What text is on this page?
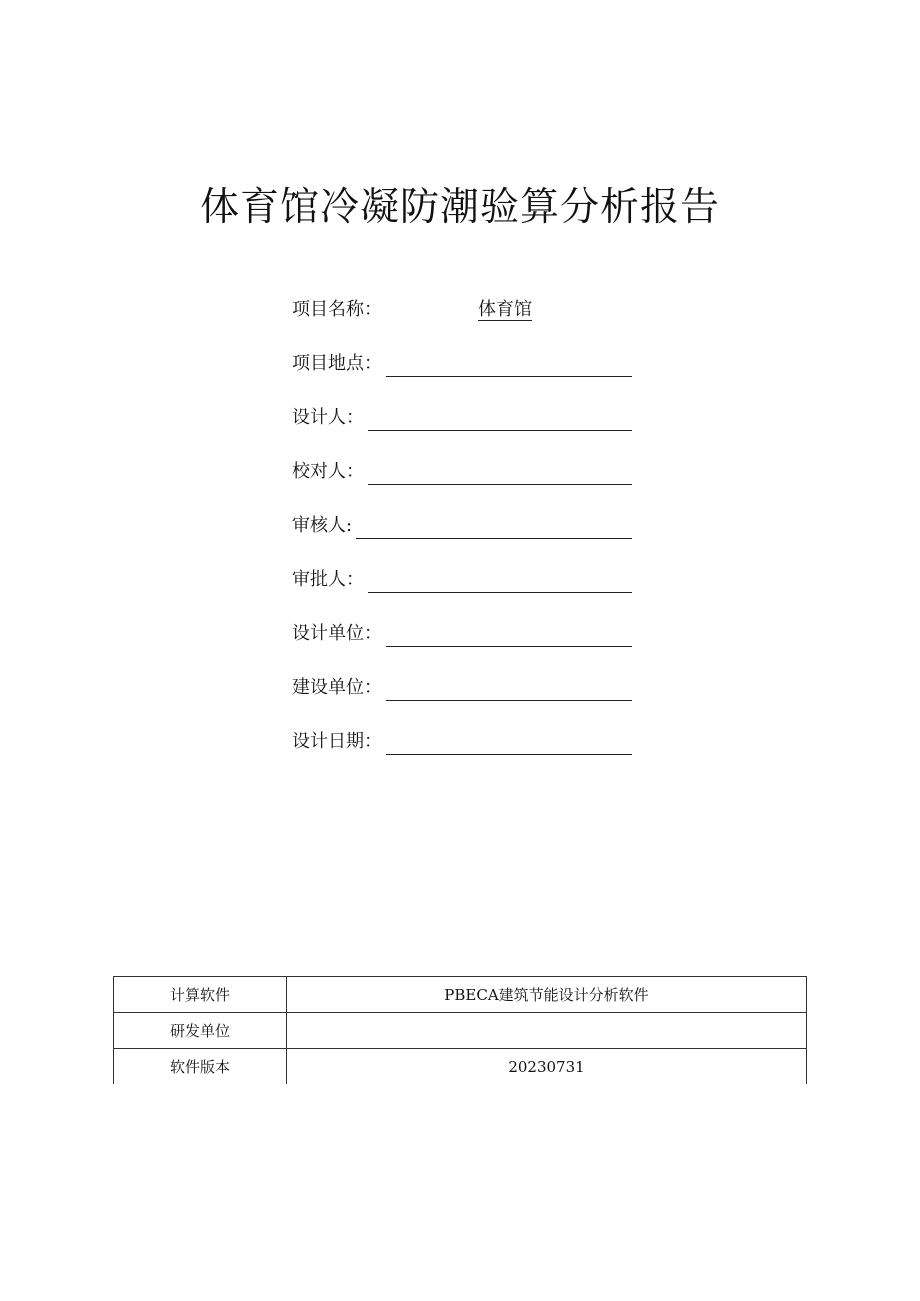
体育馆冷凝防潮验算分析报告
项目名称：	体育馆
项目地点：
设计人：
校对人：
审核人:
审批人：
设计单位：
建设单位：
设计日期：
计算软件	PBECA建筑节能设计分析软件
研发单位	
软件版本	20230731
